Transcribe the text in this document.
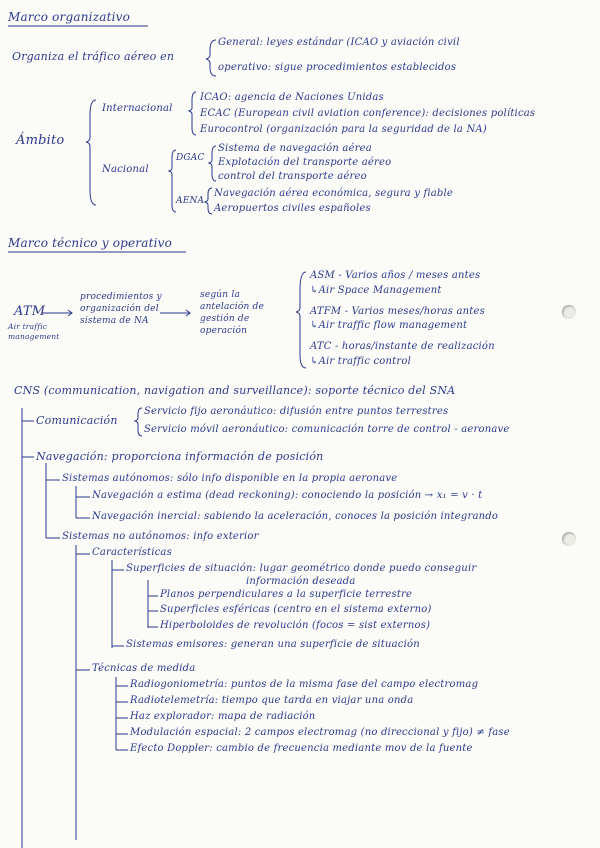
Marco organizativo
Organiza el tráfico aéreo en
General: leyes estándar (ICAO y aviación civil
operativo: sigue procedimientos establecidos
Ámbito
Internacional
ICAO: agencia de Naciones Unidas
ECAC (European civil aviation conference): decisiones políticas
Eurocontrol (organización para la seguridad de la NA)
Nacional
DGAC
Sistema de navegación aérea
Explotación del transporte aéreo
control del transporte aéreo
AENA
Navegación aérea económica, segura y fiable
Aeropuertos civiles españoles
Marco técnico y operativo
ATM
Air traffic
management
procedimientos y
organización del
sistema de NA
según la
antelación de
gestión de
operación
ASM - Varios años / meses antes
↳Air Space Management
ATFM - Varios meses/horas antes
↳Air traffic flow management
ATC - horas/instante de realización
↳Air traffic control
CNS (communication, navigation and surveillance): soporte técnico del SNA
Comunicación
Servicio fijo aeronáutico: difusión entre puntos terrestres
Servicio móvil aeronáutico: comunicación torre de control - aeronave
Navegación: proporciona información de posición
Sistemas autónomos: sólo info disponible en la propia aeronave
Navegación a estima (dead reckoning): conociendo la posición → x₁ = v · t
Navegación inercial: sabiendo la aceleración, conoces la posición integrando
Sistemas no autónomos: info exterior
Características
Superficies de situación: lugar geométrico donde puedo conseguir
información deseada
Planos perpendiculares a la superficie terrestre
Superficies esféricas (centro en el sistema externo)
Hiperboloides de revolución (focos = sist externos)
Sistemas emisores: generan una superficie de situación
Técnicas de medida
Radiogoniometría: puntos de la misma fase del campo electromag
Radiotelemetría: tiempo que tarda en viajar una onda
Haz explorador: mapa de radiación
Modulación espacial: 2 campos electromag (no direccional y fijo) ≠ fase
Efecto Doppler: cambio de frecuencia mediante mov de la fuente
